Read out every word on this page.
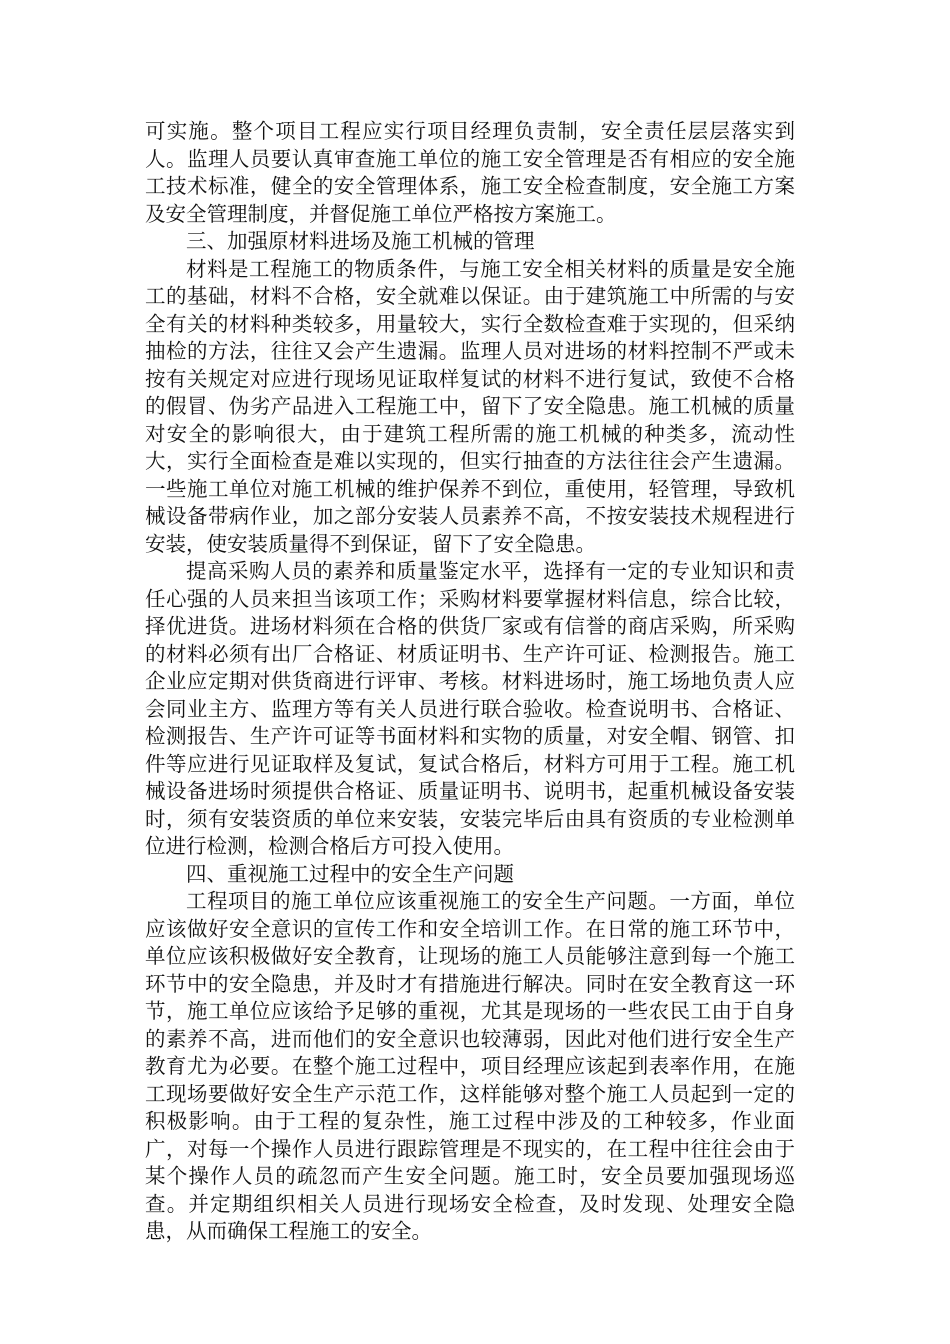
可实施。整个项目工程应实行项目经理负责制，安全责任层层落实到人。监理人员要认真审查施工单位的施工安全管理是否有相应的安全施工技术标准，健全的安全管理体系，施工安全检查制度，安全施工方案及安全管理制度，并督促施工单位严格按方案施工。

三、加强原材料进场及施工机械的管理

材料是工程施工的物质条件，与施工安全相关材料的质量是安全施工的基础，材料不合格，安全就难以保证。由于建筑施工中所需的与安全有关的材料种类较多，用量较大，实行全数检查难于实现的，但采纳抽检的方法，往往又会产生遗漏。监理人员对进场的材料控制不严或未按有关规定对应进行现场见证取样复试的材料不进行复试，致使不合格的假冒、伪劣产品进入工程施工中，留下了安全隐患。施工机械的质量对安全的影响很大，由于建筑工程所需的施工机械的种类多，流动性大，实行全面检查是难以实现的，但实行抽查的方法往往会产生遗漏。一些施工单位对施工机械的维护保养不到位，重使用，轻管理，导致机械设备带病作业，加之部分安装人员素养不高，不按安装技术规程进行安装，使安装质量得不到保证，留下了安全隐患。

提高采购人员的素养和质量鉴定水平，选择有一定的专业知识和责任心强的人员来担当该项工作；采购材料要掌握材料信息，综合比较，择优进货。进场材料须在合格的供货厂家或有信誉的商店采购，所采购的材料必须有出厂合格证、材质证明书、生产许可证、检测报告。施工企业应定期对供货商进行评审、考核。材料进场时，施工场地负责人应会同业主方、监理方等有关人员进行联合验收。检查说明书、合格证、检测报告、生产许可证等书面材料和实物的质量，对安全帽、钢管、扣件等应进行见证取样及复试，复试合格后，材料方可用于工程。施工机械设备进场时须提供合格证、质量证明书、说明书，起重机械设备安装时，须有安装资质的单位来安装，安装完毕后由具有资质的专业检测单位进行检测，检测合格后方可投入使用。

四、重视施工过程中的安全生产问题

工程项目的施工单位应该重视施工的安全生产问题。一方面，单位应该做好安全意识的宣传工作和安全培训工作。在日常的施工环节中，单位应该积极做好安全教育，让现场的施工人员能够注意到每一个施工环节中的安全隐患，并及时才有措施进行解决。同时在安全教育这一环节，施工单位应该给予足够的重视，尤其是现场的一些农民工由于自身的素养不高，进而他们的安全意识也较薄弱，因此对他们进行安全生产教育尤为必要。在整个施工过程中，项目经理应该起到表率作用，在施工现场要做好安全生产示范工作，这样能够对整个施工人员起到一定的积极影响。由于工程的复杂性，施工过程中涉及的工种较多，作业面广，对每一个操作人员进行跟踪管理是不现实的，在工程中往往会由于某个操作人员的疏忽而产生安全问题。施工时，安全员要加强现场巡查。并定期组织相关人员进行现场安全检查，及时发现、处理安全隐患，从而确保工程施工的安全。
